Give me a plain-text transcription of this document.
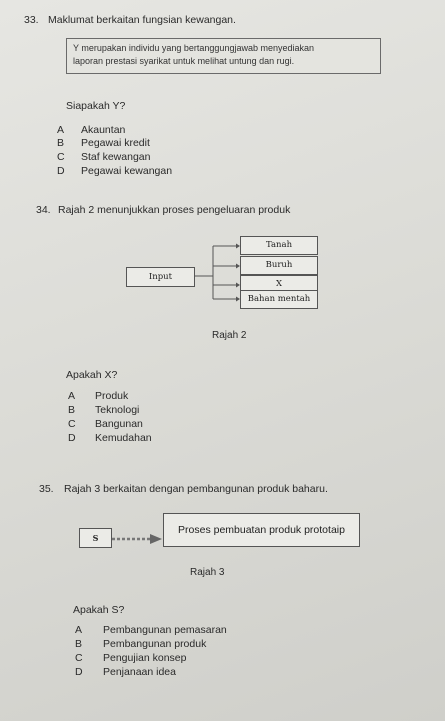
33. Maklumat berkaitan fungsian kewangan.
Y merupakan individu yang bertanggungjawab menyediakan
laporan prestasi syarikat untuk melihat untung dan rugi.
Siapakah Y?
A	Akauntan
B	Pegawai kredit
C	Staf kewangan
D	Pegawai kewangan
34. Rajah 2 menunjukkan proses pengeluaran produk
Input
Tanah
Buruh
X
Bahan mentah
Rajah 2
Apakah X?
A	Produk
B	Teknologi
C	Bangunan
D	Kemudahan
35. Rajah 3 berkaitan dengan pembangunan produk baharu.
S
Proses pembuatan produk prototaip
Rajah 3
Apakah S?
A	Pembangunan pemasaran
B	Pembangunan produk
C	Pengujian konsep
D	Penjanaan idea
